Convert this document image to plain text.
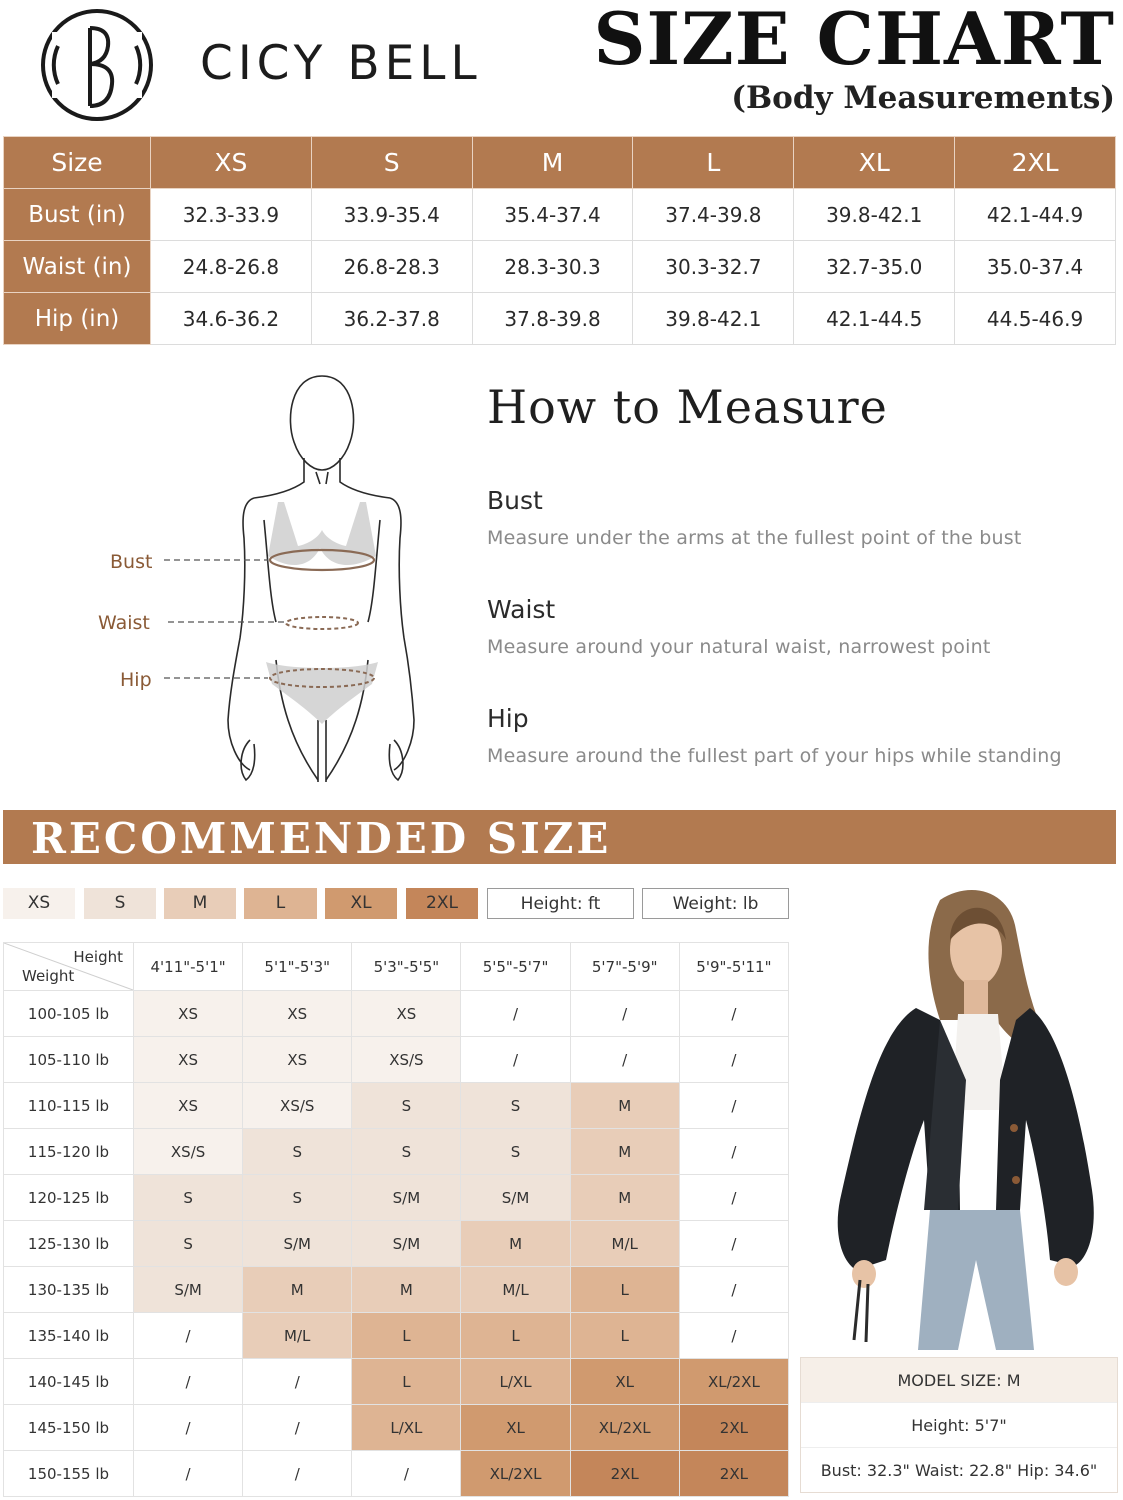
CICY BELL SIZE CHART
(Body Measurements)
Size	XS	S	M	L	XL	2XL
Bust (in)	32.3-33.9	33.9-35.4	35.4-37.4	37.4-39.8	39.8-42.1	42.1-44.9
Waist (in)	24.8-26.8	26.8-28.3	28.3-30.3	30.3-32.7	32.7-35.0	35.0-37.4
Hip (in)	34.6-36.2	36.2-37.8	37.8-39.8	39.8-42.1	42.1-44.5	44.5-46.9
Bust
Waist
Hip
How to Measure
Bust
Measure under the arms at the fullest point of the bust
Waist
Measure around your natural waist, narrowest point
Hip
Measure around the fullest part of your hips while standing
RECOMMENDED SIZE
XS	S	M	L	XL	2XL	Height: ft	Weight: lb
Height
Weight	4'11"-5'1"	5'1"-5'3"	5'3"-5'5"	5'5"-5'7"	5'7"-5'9"	5'9"-5'11"
100-105 lb	XS	XS	XS	/	/	/
105-110 lb	XS	XS	XS/S	/	/	/
110-115 lb	XS	XS/S	S	S	M	/
115-120 lb	XS/S	S	S	S	M	/
120-125 lb	S	S	S/M	S/M	M	/
125-130 lb	S	S/M	S/M	M	M/L	/
130-135 lb	S/M	M	M	M/L	L	/
135-140 lb	/	M/L	L	L	L	/
140-145 lb	/	/	L	L/XL	XL	XL/2XL
145-150 lb	/	/	L/XL	XL	XL/2XL	2XL
150-155 lb	/	/	/	XL/2XL	2XL	2XL
MODEL SIZE: M
Height: 5'7"
Bust: 32.3" Waist: 22.8" Hip: 34.6"
